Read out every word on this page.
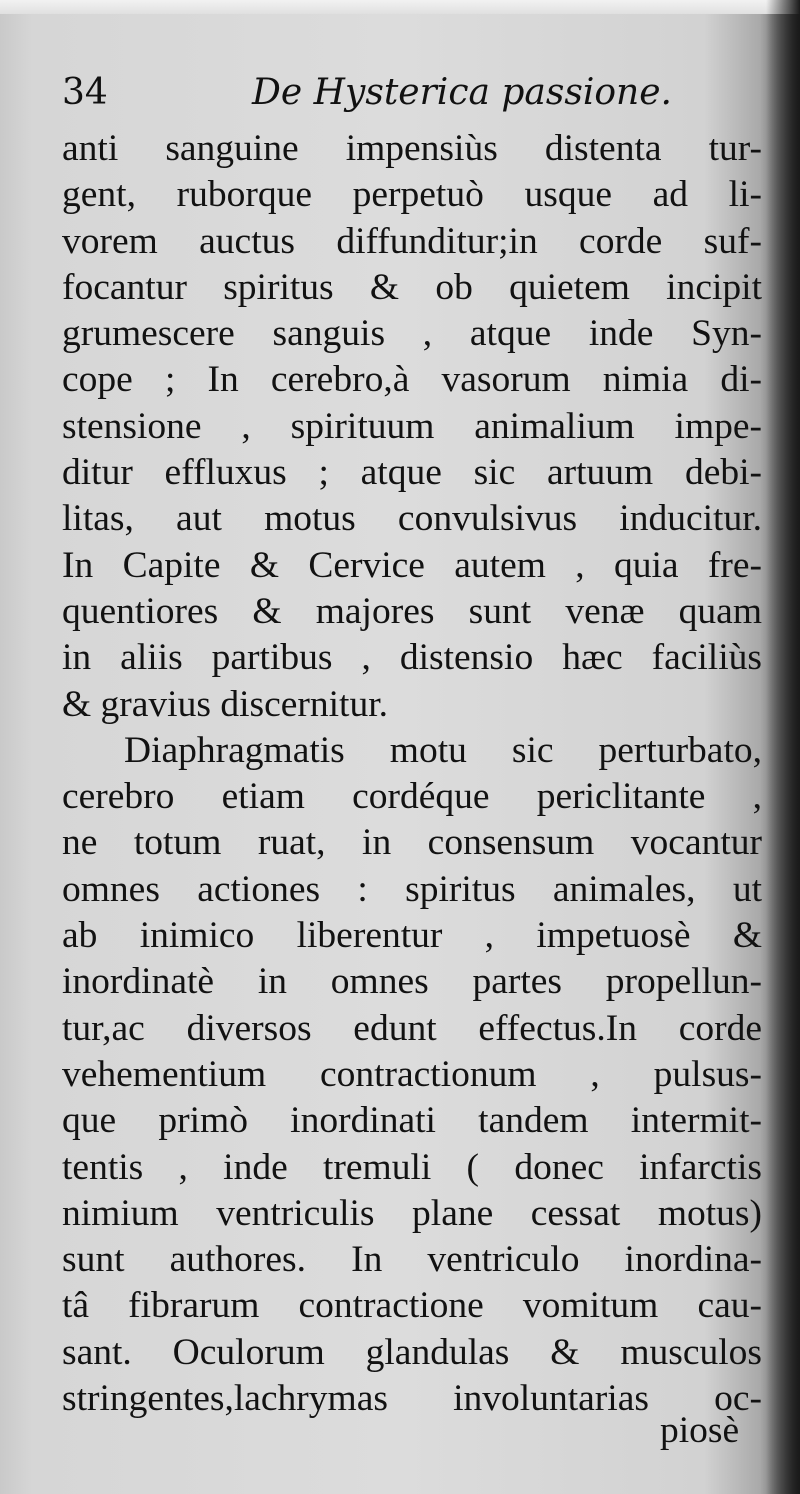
34	De Hysterica passione.
anti sanguine impensiùs distenta tur-
gent, ruborque perpetuò usque ad li-
vorem auctus diffunditur;in corde suf-
focantur spiritus & ob quietem incipit
grumescere sanguis , atque inde Syn-
cope ; In cerebro,à vasorum nimia di-
stensione , spirituum animalium impe-
ditur effluxus ; atque sic artuum debi-
litas, aut motus convulsivus inducitur.
In Capite & Cervice autem , quia fre-
quentiores & majores sunt venæ quam
in aliis partibus , distensio hæc faciliùs
& gravius discernitur.
Diaphragmatis motu sic perturbato,
cerebro etiam cordéque periclitante ,
ne totum ruat, in consensum vocantur
omnes actiones : spiritus animales, ut
ab inimico liberentur , impetuosè &
inordinatè in omnes partes propellun-
tur,ac diversos edunt effectus.In corde
vehementium contractionum , pulsus-
que primò inordinati tandem intermit-
tentis , inde tremuli ( donec infarctis
nimium ventriculis plane cessat motus)
sunt authores. In ventriculo inordina-
tâ fibrarum contractione vomitum cau-
sant. Oculorum glandulas & musculos
stringentes,lachrymas involuntarias oc-
piosè
